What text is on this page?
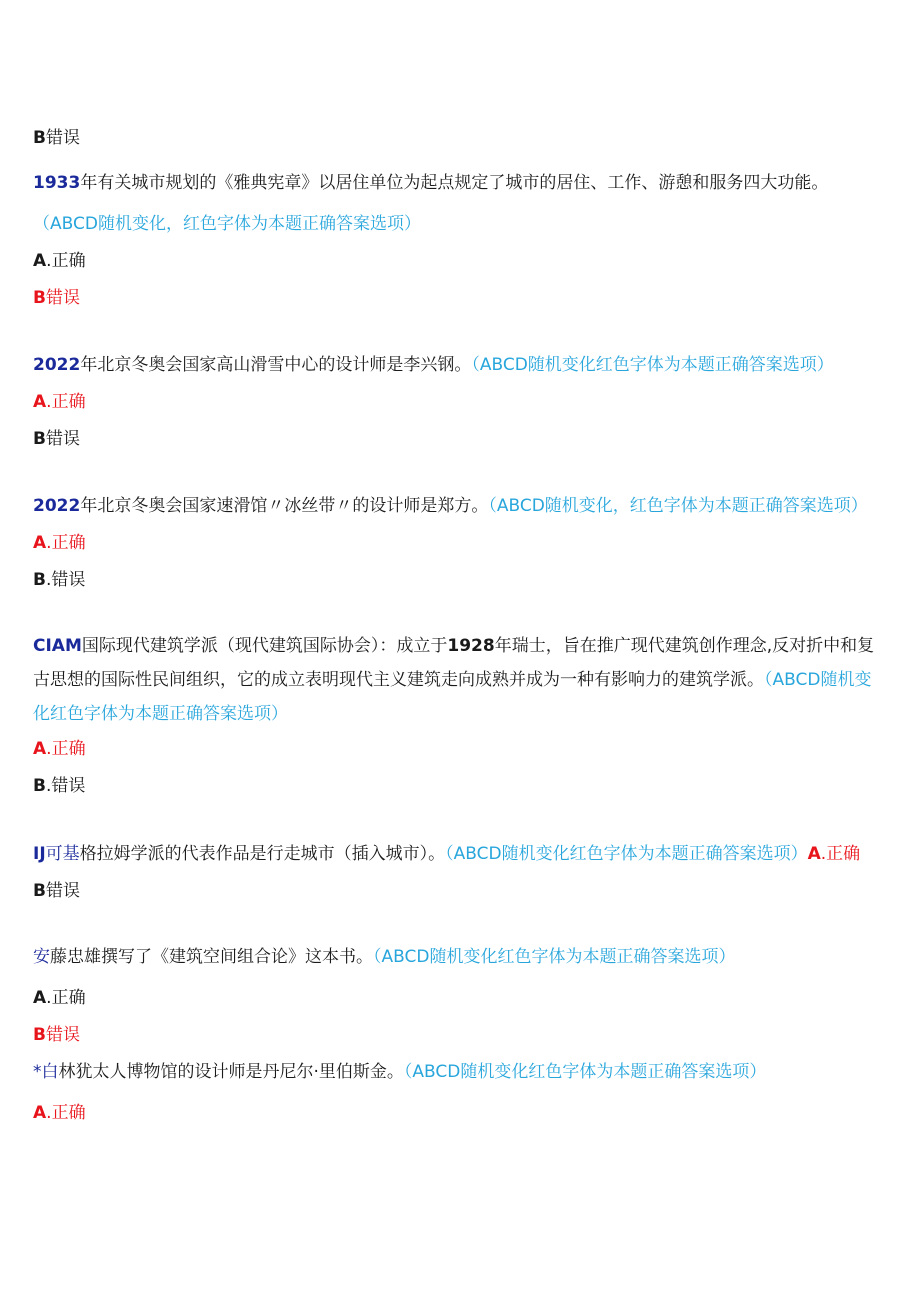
B错误
1933年有关城市规划的《雅典宪章》以居住单位为起点规定了城市的居住、工作、游憩和服务四大功能。
（ABCD随机变化，红色字体为本题正确答案选项）
A.正确
B错误
2022年北京冬奥会国家高山滑雪中心的设计师是李兴钢。（ABCD随机变化红色字体为本题正确答案选项）
A.正确
B错误
2022年北京冬奥会国家速滑馆〃冰丝带〃的设计师是郑方。（ABCD随机变化，红色字体为本题正确答案选项）
A.正确
B.错误
CIAM国际现代建筑学派（现代建筑国际协会）：成立于1928年瑞士，旨在推广现代建筑创作理念,反对折中和复古思想的国际性民间组织，它的成立表明现代主义建筑走向成熟并成为一种有影响力的建筑学派。（ABCD随机变化红色字体为本题正确答案选项）
A.正确
B.错误
IJ可基格拉姆学派的代表作品是行走城市（插入城市）。（ABCD随机变化红色字体为本题正确答案选项）A.正确
B错误
安藤忠雄撰写了《建筑空间组合论》这本书。（ABCD随机变化红色字体为本题正确答案选项）
A.正确
B错误
*白林犹太人博物馆的设计师是丹尼尔·里伯斯金。（ABCD随机变化红色字体为本题正确答案选项）
A.正确
